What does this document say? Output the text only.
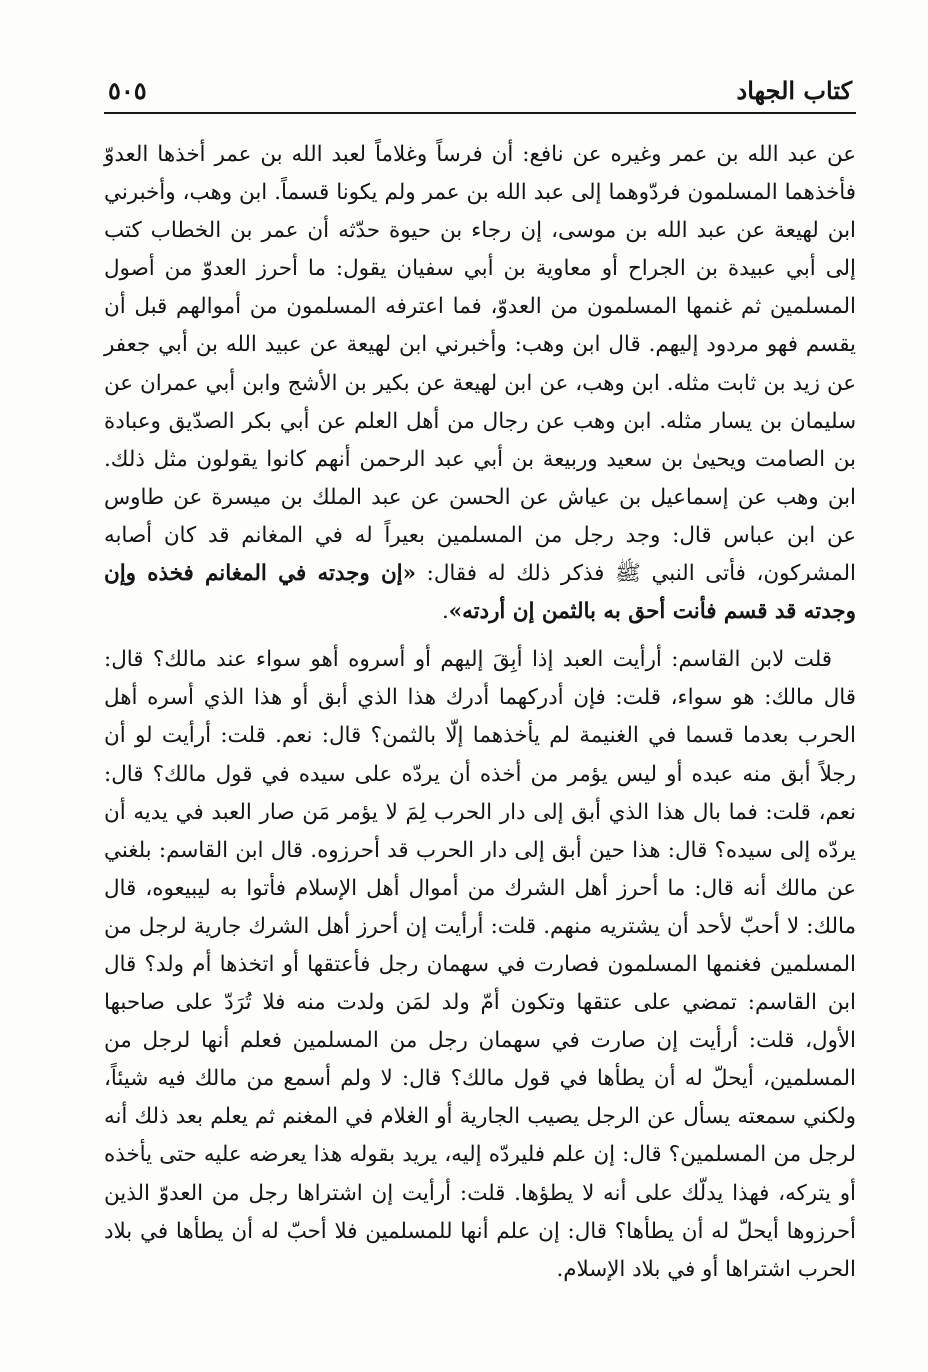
كتاب الجهاد
٥٠٥

عن عبد الله بن عمر وغيره عن نافع: أن فرساً وغلاماً لعبد الله بن عمر أخذها العدوّ فأخذهما المسلمون فردّوهما إلى عبد الله بن عمر ولم يكونا قسماً. ابن وهب، وأخبرني ابن لهيعة عن عبد الله بن موسى، إن رجاء بن حيوة حدّثه أن عمر بن الخطاب كتب إلى أبي عبيدة بن الجراح أو معاوية بن أبي سفيان يقول: ما أحرز العدوّ من أصول المسلمين ثم غنمها المسلمون من العدوّ، فما اعترفه المسلمون من أموالهم قبل أن يقسم فهو مردود إليهم. قال ابن وهب: وأخبرني ابن لهيعة عن عبيد الله بن أبي جعفر عن زيد بن ثابت مثله. ابن وهب، عن ابن لهيعة عن بكير بن الأشج وابن أبي عمران عن سليمان بن يسار مثله. ابن وهب عن رجال من أهل العلم عن أبي بكر الصدّيق وعبادة بن الصامت ويحيىٰ بن سعيد وربيعة بن أبي عبد الرحمن أنهم كانوا يقولون مثل ذلك. ابن وهب عن إسماعيل بن عياش عن الحسن عن عبد الملك بن ميسرة عن طاوس عن ابن عباس قال: وجد رجل من المسلمين بعيراً له في المغانم قد كان أصابه المشركون، فأتى النبي ﷺ فذكر ذلك له فقال: «إن وجدته في المغانم فخذه وإن وجدته قد قسم فأنت أحق به بالثمن إن أردته».

قلت لابن القاسم: أرأيت العبد إذا أبِقَ إليهم أو أسروه أهو سواء عند مالك؟ قال: قال مالك: هو سواء، قلت: فإن أدركهما أدرك هذا الذي أبق أو هذا الذي أسره أهل الحرب بعدما قسما في الغنيمة لم يأخذهما إلّا بالثمن؟ قال: نعم. قلت: أرأيت لو أن رجلاً أبق منه عبده أو ليس يؤمر من أخذه أن يردّه على سيده في قول مالك؟ قال: نعم، قلت: فما بال هذا الذي أبق إلى دار الحرب لِمَ لا يؤمر مَن صار العبد في يديه أن يردّه إلى سيده؟ قال: هذا حين أبق إلى دار الحرب قد أحرزوه. قال ابن القاسم: بلغني عن مالك أنه قال: ما أحرز أهل الشرك من أموال أهل الإسلام فأتوا به ليبيعوه، قال مالك: لا أحبّ لأحد أن يشتريه منهم. قلت: أرأيت إن أحرز أهل الشرك جارية لرجل من المسلمين فغنمها المسلمون فصارت في سهمان رجل فأعتقها أو اتخذها أم ولد؟ قال ابن القاسم: تمضي على عتقها وتكون أمّ ولد لمَن ولدت منه فلا تُرَدّ على صاحبها الأول، قلت: أرأيت إن صارت في سهمان رجل من المسلمين فعلم أنها لرجل من المسلمين، أيحلّ له أن يطأها في قول مالك؟ قال: لا ولم أسمع من مالك فيه شيئاً، ولكني سمعته يسأل عن الرجل يصيب الجارية أو الغلام في المغنم ثم يعلم بعد ذلك أنه لرجل من المسلمين؟ قال: إن علم فليردّه إليه، يريد بقوله هذا يعرضه عليه حتى يأخذه أو يتركه، فهذا يدلّك على أنه لا يطؤها. قلت: أرأيت إن اشتراها رجل من العدوّ الذين أحرزوها أيحلّ له أن يطأها؟ قال: إن علم أنها للمسلمين فلا أحبّ له أن يطأها في بلاد الحرب اشتراها أو في بلاد الإسلام.
